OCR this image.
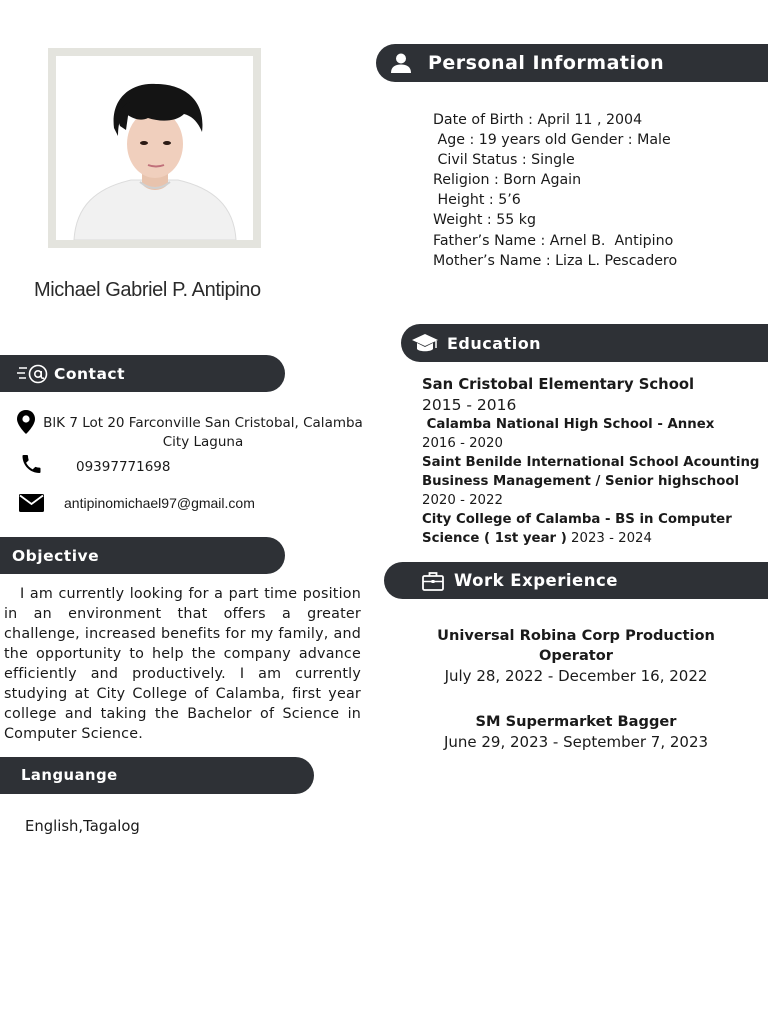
Michael Gabriel P. Antipino
Contact
BlK 7 Lot 20 Farconville San Cristobal, Calamba
City Laguna
09397771698
antipinomichael97@gmail.com
Objective
I am currently looking for a part time position in an environment that offers a greater challenge, increased benefits for my family, and the opportunity to help the company advance efficiently and productively. I am currently studying at City College of Calamba, first year college and taking the Bachelor of Science in Computer Science.
Languange
English,Tagalog
Personal Information
Date of Birth : April 11 , 2004
Age : 19 years old Gender : Male
Civil Status : Single
Religion : Born Again
Height : 5’6
Weight : 55 kg
Father’s Name : Arnel B.  Antipino
Mother’s Name : Liza L. Pescadero
Education
San Cristobal Elementary School
2015 - 2016
Calamba National High School - Annex
2016 - 2020
Saint Benilde International School Acounting Business Management / Senior highschool
2020 - 2022
City College of Calamba - BS in Computer Science ( 1st year ) 2023 - 2024
Work Experience
Universal Robina Corp Production Operator
July 28, 2022 - December 16, 2022
SM Supermarket Bagger
June 29, 2023 - September 7, 2023
